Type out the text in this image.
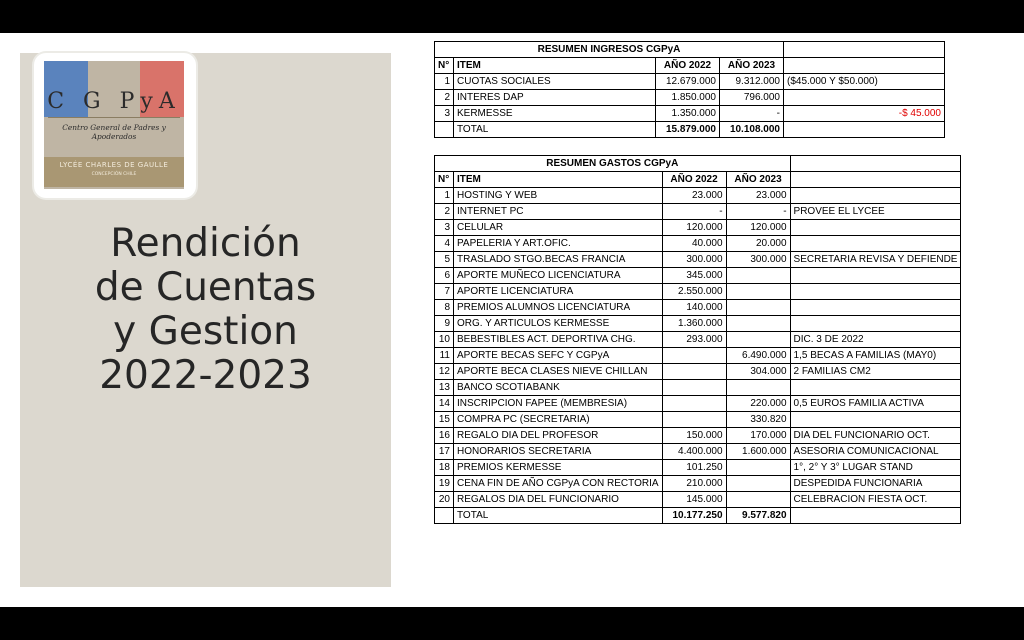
C G PyA
Centro General de Padres y Apoderados
LYCÉE CHARLES DE GAULLE
CONCEPCIÓN CHILE
Rendición
de Cuentas
y Gestion
2022-2023
RESUMEN INGRESOS CGPyA				
N°	ITEM	AÑO 2022	AÑO 2023	
1	CUOTAS SOCIALES	12.679.000	9.312.000	($45.000 Y $50.000)
2	INTERES DAP	1.850.000	796.000	
3	KERMESSE	1.350.000	-	-$ 45.000
	TOTAL	15.879.000	10.108.000	
RESUMEN GASTOS CGPyA				
N°	ITEM	AÑO 2022	AÑO 2023	
1	HOSTING Y WEB	23.000	23.000	
2	INTERNET PC	-	-	PROVEE EL LYCEE
3	CELULAR	120.000	120.000	
4	PAPELERIA Y ART.OFIC.	40.000	20.000	
5	TRASLADO STGO.BECAS FRANCIA	300.000	300.000	SECRETARIA REVISA Y DEFIENDE
6	APORTE MUÑECO LICENCIATURA	345.000		
7	APORTE LICENCIATURA	2.550.000		
8	PREMIOS ALUMNOS LICENCIATURA	140.000		
9	ORG. Y ARTICULOS KERMESSE	1.360.000		
10	BEBESTIBLES ACT. DEPORTIVA CHG.	293.000		DIC. 3 DE 2022
11	APORTE BECAS SEFC Y CGPyA		6.490.000	1,5 BECAS A FAMILIAS (MAY0)
12	APORTE BECA CLASES NIEVE CHILLAN		304.000	2 FAMILIAS CM2
13	BANCO SCOTIABANK			
14	INSCRIPCION FAPEE (MEMBRESIA)		220.000	0,5 EUROS FAMILIA ACTIVA
15	COMPRA PC (SECRETARIA)		330.820	
16	REGALO DIA DEL PROFESOR	150.000	170.000	DIA DEL FUNCIONARIO OCT.
17	HONORARIOS SECRETARIA	4.400.000	1.600.000	ASESORIA COMUNICACIONAL
18	PREMIOS KERMESSE	101.250		1°, 2° Y 3° LUGAR STAND
19	CENA FIN DE AÑO CGPyA CON RECTORIA	210.000		DESPEDIDA FUNCIONARIA
20	REGALOS DIA DEL FUNCIONARIO	145.000		CELEBRACION FIESTA OCT.
	TOTAL	10.177.250	9.577.820	
